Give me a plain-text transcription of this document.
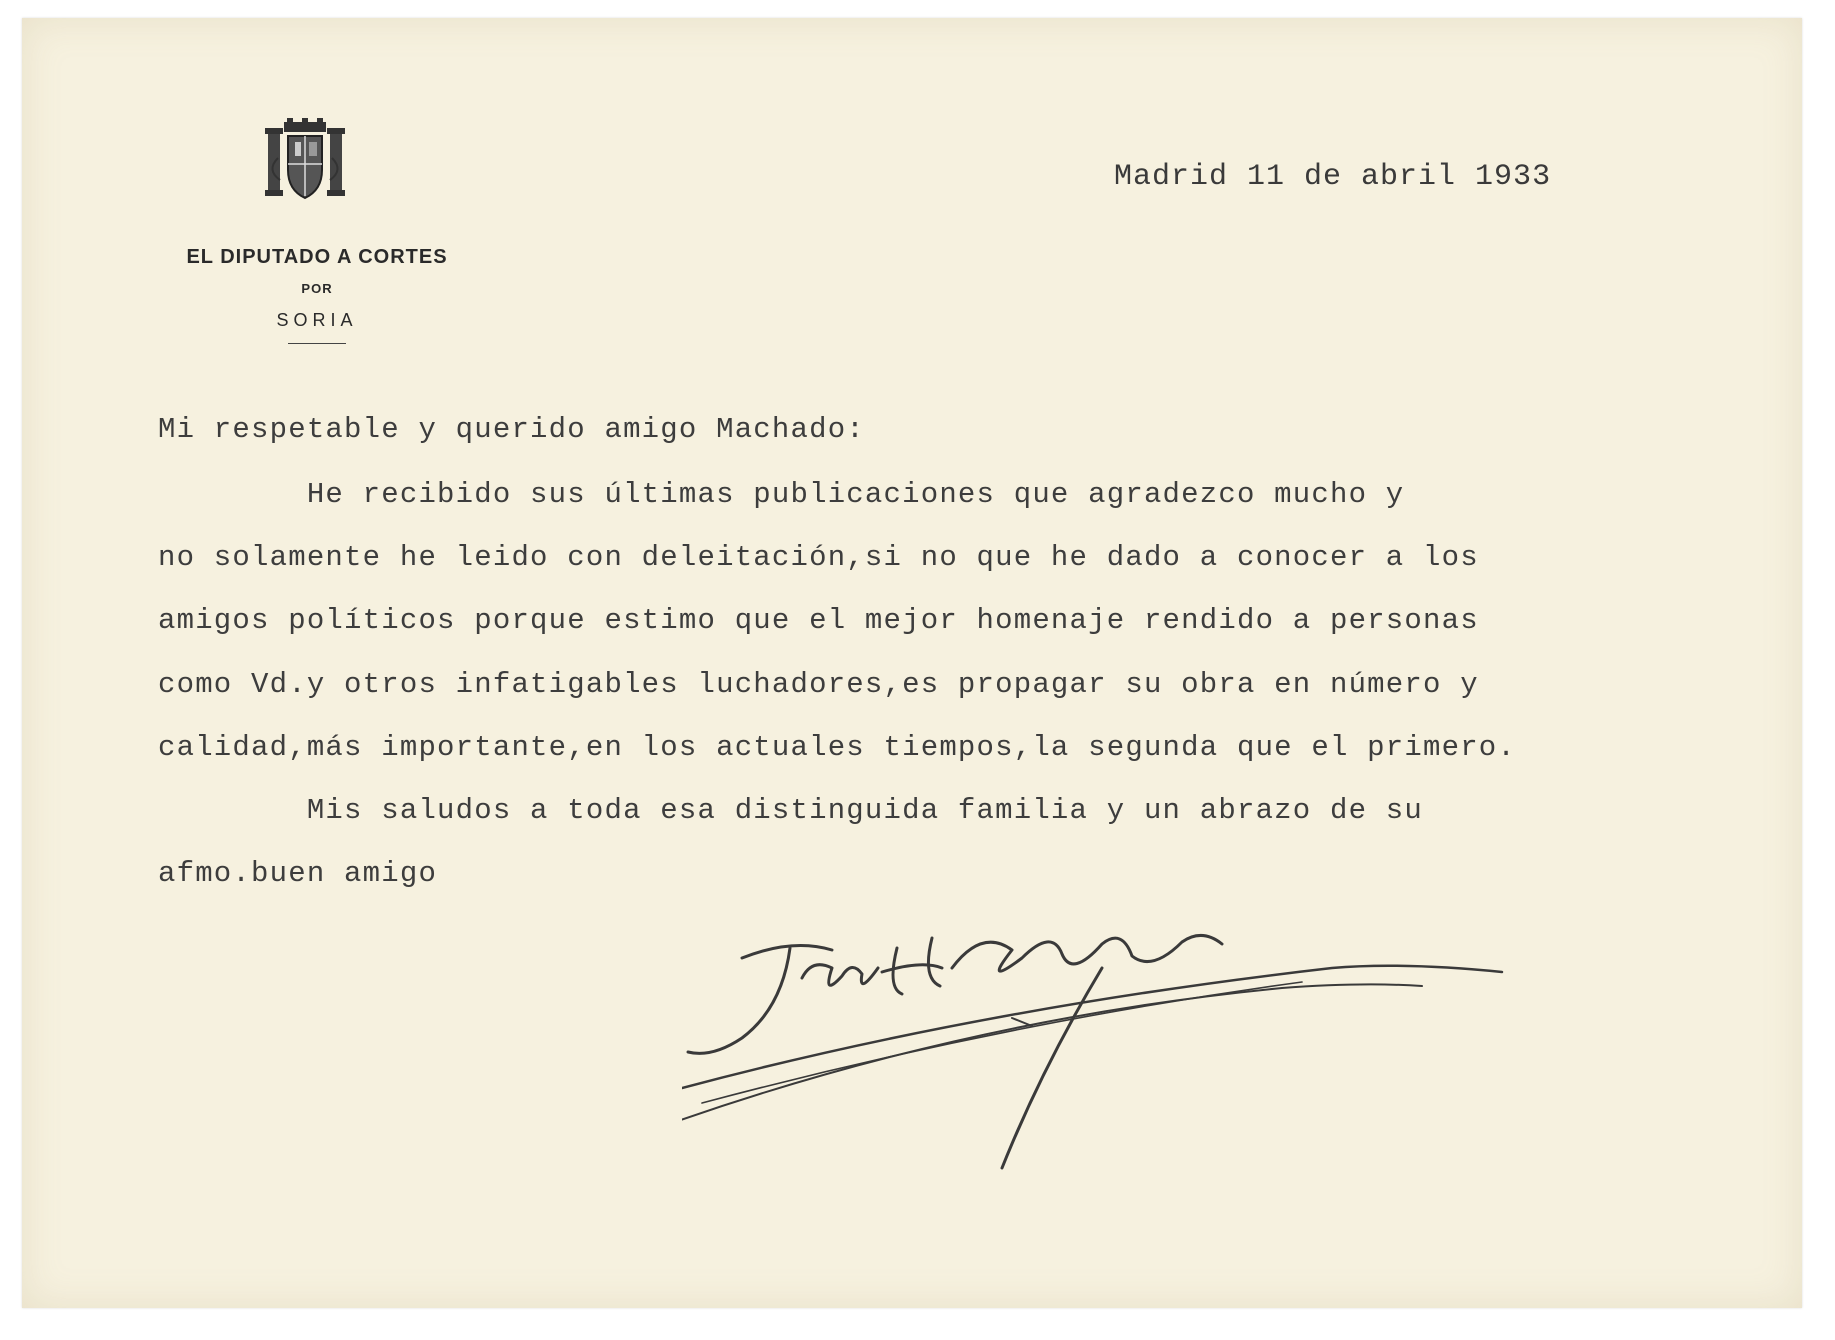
EL DIPUTADO A CORTES
POR
SORIA
Madrid 11 de abril 1933
Mi respetable y querido amigo Machado:
He recibido sus últimas publicaciones que agradezco mucho y
no solamente he leido con deleitación,si no que he dado a conocer a los
amigos políticos porque estimo que el mejor homenaje rendido a personas
como Vd.y otros infatigables luchadores,es propagar su obra en número y
calidad,más importante,en los actuales tiempos,la segunda que el primero.
Mis saludos a toda esa distinguida familia y un abrazo de su
afmo.buen amigo
